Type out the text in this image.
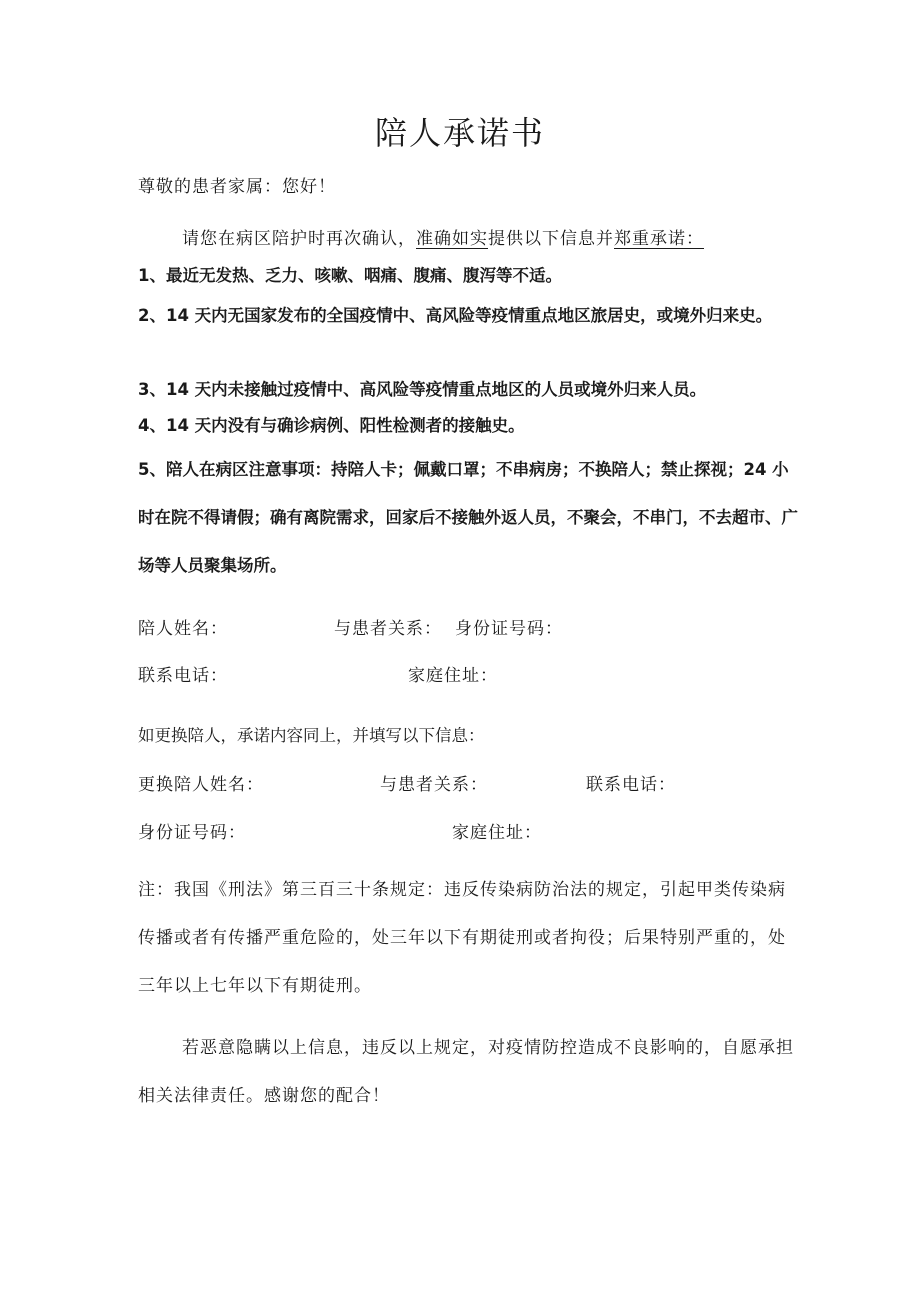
陪人承诺书
尊敬的患者家属：您好！
请您在病区陪护时再次确认，准确如实提供以下信息并郑重承诺：
1、最近无发热、乏力、咳嗽、咽痛、腹痛、腹泻等不适。
2、14 天内无国家发布的全国疫情中、高风险等疫情重点地区旅居史，或境外归来史。
3、14 天内未接触过疫情中、高风险等疫情重点地区的人员或境外归来人员。
4、14 天内没有与确诊病例、阳性检测者的接触史。
5、陪人在病区注意事项：持陪人卡；佩戴口罩；不串病房；不换陪人；禁止探视；24 小时在院不得请假；确有离院需求，回家后不接触外返人员，不聚会，不串门，不去超市、广场等人员聚集场所。
陪人姓名：	与患者关系： 身份证号码：
联系电话：	家庭住址：
如更换陪人，承诺内容同上，并填写以下信息：
更换陪人姓名：	与患者关系：	联系电话：
身份证号码：	家庭住址：
注：我国《刑法》第三百三十条规定：违反传染病防治法的规定，引起甲类传染病传播或者有传播严重危险的，处三年以下有期徒刑或者拘役；后果特别严重的，处三年以上七年以下有期徒刑。
若恶意隐瞒以上信息，违反以上规定，对疫情防控造成不良影响的，自愿承担相关法律责任。感谢您的配合！
